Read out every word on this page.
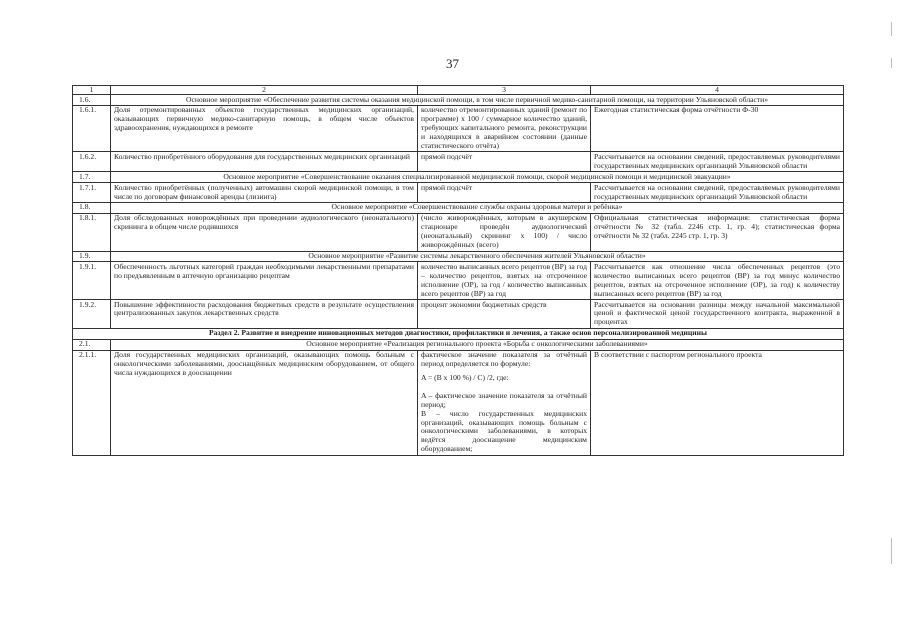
37
1	2	3	4
1.6.	Основное мероприятие «Обеспечение развития системы оказания медицинской помощи, в том числе первичной медико-санитарной помощи, на территории Ульяновской области»		
1.6.1.	Доля отремонтированных объектов государственных медицинских организаций, оказывающих первичную медико-санитарную помощь, в общем числе объектов здравоохранения, нуждающихся в ремонте	количество отремонтированных зданий (ремонт по программе) x 100 / суммарное количество зданий, требующих капитального ремонта, реконструкции и находящихся в аварийном состоянии (данные статистического отчёта)	Ежегодная статистическая форма отчётности Ф-30
1.6.2.	Количество приобретённого оборудования для государственных медицинских организаций	прямой подсчёт	Рассчитывается на основании сведений, предоставляемых руководителями государственных медицинских организаций Ульяновской области
1.7.	Основное мероприятие «Совершенствование оказания специализированной медицинской помощи, скорой медицинской помощи и медицинской эвакуации»		
1.7.1.	Количество приобретённых (полученных) автомашин скорой медицинской помощи, в том числе по договорам финансовой аренды (лизинга)	прямой подсчёт	Рассчитывается на основании сведений, предоставляемых руководителями государственных медицинских организаций Ульяновской области
1.8.	Основное мероприятие «Совершенствование службы охраны здоровья матери и ребёнка»		
1.8.1.	Доля обследованных новорождённых при проведении аудиологического (неонатального) скрининга в общем числе родившихся	(число живорождённых, которым в акушерском стационаре проведён аудиологический (неонатальный) скрининг x 100) / число живорождённых (всего)	Официальная статистическая информация: статистическая форма отчётности № 32 (табл. 2246 стр. 1, гр. 4); статистическая форма отчётности № 32 (табл. 2245 стр. 1, гр. 3)
1.9.	Основное мероприятие «Развитие системы лекарственного обеспечения жителей Ульяновской области»		
1.9.1.	Обеспеченность льготных категорий граждан необходимыми лекарственными препаратами по предъявленным в аптечную организацию рецептам	количество выписанных всего рецептов (ВР) за год – количество рецептов, взятых на отсроченное исполнение (ОР), за год / количество выписанных всего рецептов (ВР) за год	Рассчитывается как отношение числа обеспеченных рецептов (это количество выписанных всего рецептов (ВР) за год минус количество рецептов, взятых на отсроченное исполнение (ОР), за год) к количеству выписанных всего рецептов (ВР) за год
1.9.2.	Повышение эффективности расходования бюджетных средств в результате осуществления централизованных закупок лекарственных средств	процент экономии бюджетных средств	Рассчитывается на основании разницы между начальной максимальной ценой и фактической ценой государственного контракта, выраженной в процентах
Раздел 2. Развитие и внедрение инновационных методов диагностики, профилактики и лечения, а также основ персонализированной медицины			
2.1.	Основное мероприятие «Реализация регионального проекта «Борьба с онкологическими заболеваниями»		
2.1.1.	Доля государственных медицинских организаций, оказывающих помощь больным с онкологическими заболеваниями, дооснащённых медицинским оборудованием, от общего числа нуждающихся в дооснащении	фактическое значение показателя за отчётный период определяется по формуле:
A = (B x 100 %) / C) /2, где:
A – фактическое значение показателя за отчётный период;
B – число государственных медицинских организаций, оказывающих помощь больным с онкологическими заболеваниями, в которых ведётся дооснащение медицинским оборудованием;	В соответствии с паспортом регионального проекта
